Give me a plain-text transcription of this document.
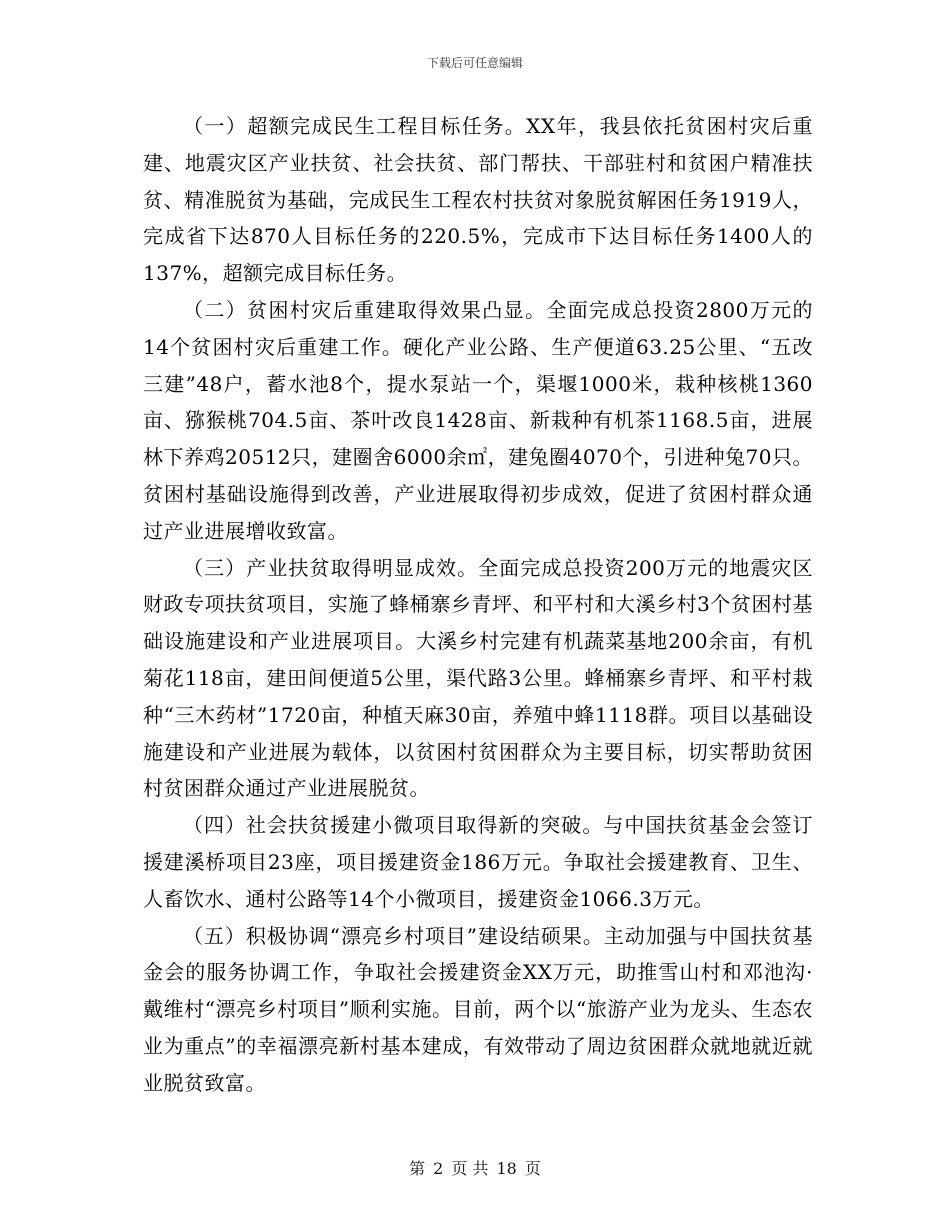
下载后可任意编辑

（一）超额完成民生工程目标任务。XX年，我县依托贫困村灾后重建、地震灾区产业扶贫、社会扶贫、部门帮扶、干部驻村和贫困户精准扶贫、精准脱贫为基础，完成民生工程农村扶贫对象脱贫解困任务1919人，完成省下达870人目标任务的220.5%，完成市下达目标任务1400人的137%，超额完成目标任务。

（二）贫困村灾后重建取得效果凸显。全面完成总投资2800万元的14个贫困村灾后重建工作。硬化产业公路、生产便道63.25公里、“五改三建”48户，蓄水池8个，提水泵站一个，渠堰1000米，栽种核桃1360亩、猕猴桃704.5亩、茶叶改良1428亩、新栽种有机茶1168.5亩，进展林下养鸡20512只，建圈舍6000余㎡，建兔圈4070个，引进种兔70只。贫困村基础设施得到改善，产业进展取得初步成效，促进了贫困村群众通过产业进展增收致富。

（三）产业扶贫取得明显成效。全面完成总投资200万元的地震灾区财政专项扶贫项目，实施了蜂桶寨乡青坪、和平村和大溪乡村3个贫困村基础设施建设和产业进展项目。大溪乡村完建有机蔬菜基地200余亩，有机菊花118亩，建田间便道5公里，渠代路3公里。蜂桶寨乡青坪、和平村栽种“三木药材”1720亩，种植天麻30亩，养殖中蜂1118群。项目以基础设施建设和产业进展为载体，以贫困村贫困群众为主要目标，切实帮助贫困村贫困群众通过产业进展脱贫。

（四）社会扶贫援建小微项目取得新的突破。与中国扶贫基金会签订援建溪桥项目23座，项目援建资金186万元。争取社会援建教育、卫生、人畜饮水、通村公路等14个小微项目，援建资金1066.3万元。

（五）积极协调“漂亮乡村项目”建设结硕果。主动加强与中国扶贫基金会的服务协调工作，争取社会援建资金XX万元，助推雪山村和邓池沟·戴维村“漂亮乡村项目”顺利实施。目前，两个以“旅游产业为龙头、生态农业为重点”的幸福漂亮新村基本建成，有效带动了周边贫困群众就地就近就业脱贫致富。

第 2 页 共 18 页
